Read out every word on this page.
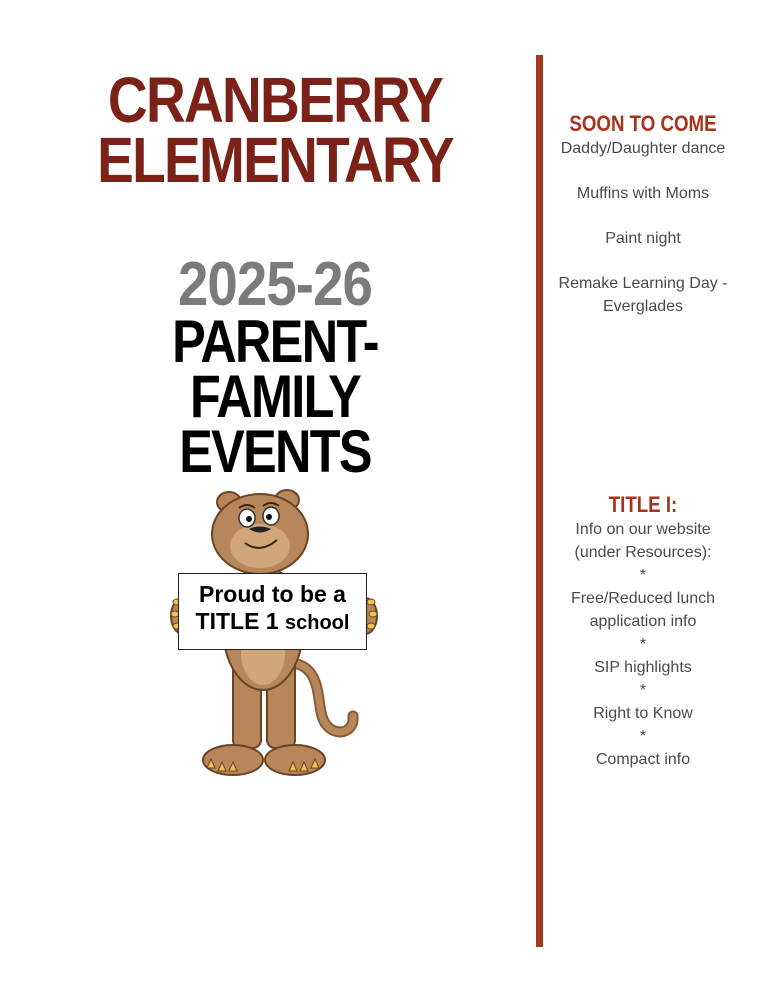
CRANBERRY
ELEMENTARY
2025-26
PARENT-FAMILY
EVENTS
Proud to be a
TITLE 1 school
SOON TO COME
Daddy/Daughter dance
Muffins with Moms
Paint night
Remake Learning Day - Everglades
TITLE I:
Info on our website (under Resources):
*
Free/Reduced lunch application info
*
SIP highlights
*
Right to Know
*
Compact info
